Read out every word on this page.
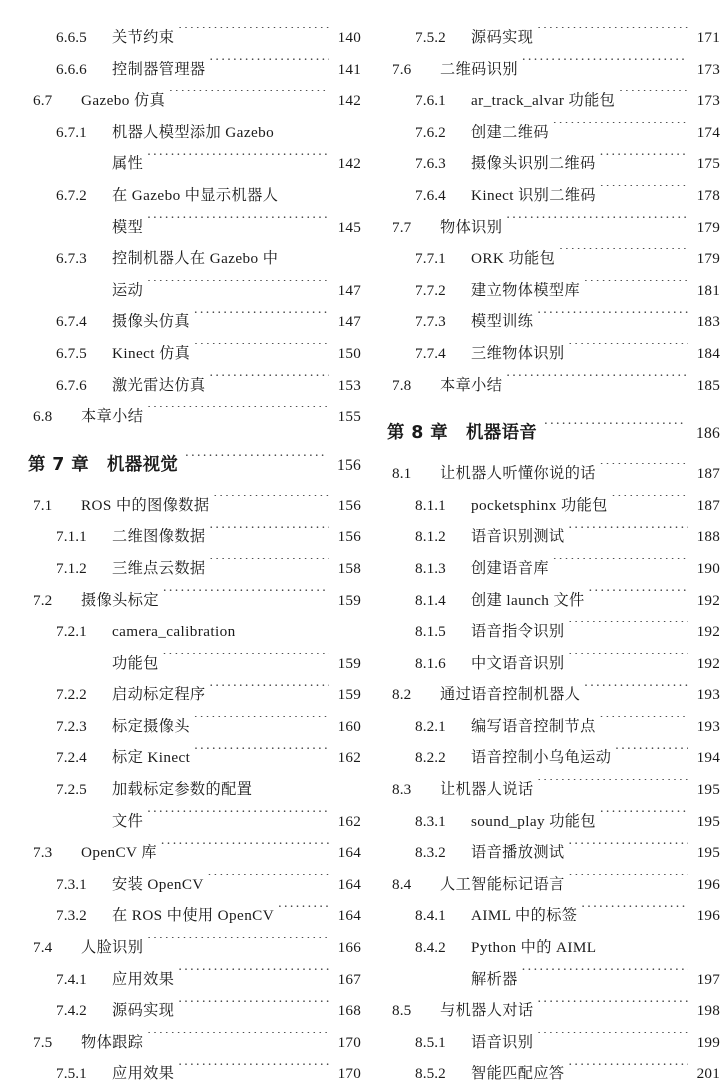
6.6.5	关节约束 .....	140
6.6.6	控制器管理器 .....	141
6.7	Gazebo 仿真 .....	142
6.7.1	机器人模型添加 Gazebo
属性 .....	142
6.7.2	在 Gazebo 中显示机器人
模型 .....	145
6.7.3	控制机器人在 Gazebo 中
运动 .....	147
6.7.4	摄像头仿真 .....	147
6.7.5	Kinect 仿真 .....	150
6.7.6	激光雷达仿真 .....	153
6.8	本章小结 .....	155
第 7 章	机器视觉 .....	156
7.1	ROS 中的图像数据 .....	156
7.1.1	二维图像数据 .....	156
7.1.2	三维点云数据 .....	158
7.2	摄像头标定 .....	159
7.2.1	camera_calibration
功能包 .....	159
7.2.2	启动标定程序 .....	159
7.2.3	标定摄像头 .....	160
7.2.4	标定 Kinect .....	162
7.2.5	加载标定参数的配置
文件 .....	162
7.3	OpenCV 库 .....	164
7.3.1	安装 OpenCV .....	164
7.3.2	在 ROS 中使用 OpenCV .....	164
7.4	人脸识别 .....	166
7.4.1	应用效果 .....	167
7.4.2	源码实现 .....	168
7.5	物体跟踪 .....	170
7.5.1	应用效果 .....	170
7.5.2	源码实现 .....	171
7.6	二维码识别 .....	173
7.6.1	ar_track_alvar 功能包 .....	173
7.6.2	创建二维码 .....	174
7.6.3	摄像头识别二维码 .....	175
7.6.4	Kinect 识别二维码 .....	178
7.7	物体识别 .....	179
7.7.1	ORK 功能包 .....	179
7.7.2	建立物体模型库 .....	181
7.7.3	模型训练 .....	183
7.7.4	三维物体识别 .....	184
7.8	本章小结 .....	185
第 8 章	机器语音 .....	186
8.1	让机器人听懂你说的话 .....	187
8.1.1	pocketsphinx 功能包 .....	187
8.1.2	语音识别测试 .....	188
8.1.3	创建语音库 .....	190
8.1.4	创建 launch 文件 .....	192
8.1.5	语音指令识别 .....	192
8.1.6	中文语音识别 .....	192
8.2	通过语音控制机器人 .....	193
8.2.1	编写语音控制节点 .....	193
8.2.2	语音控制小乌龟运动 .....	194
8.3	让机器人说话 .....	195
8.3.1	sound_play 功能包 .....	195
8.3.2	语音播放测试 .....	195
8.4	人工智能标记语言 .....	196
8.4.1	AIML 中的标签 .....	196
8.4.2	Python 中的 AIML
解析器 .....	197
8.5	与机器人对话 .....	198
8.5.1	语音识别 .....	199
8.5.2	智能匹配应答 .....	201
